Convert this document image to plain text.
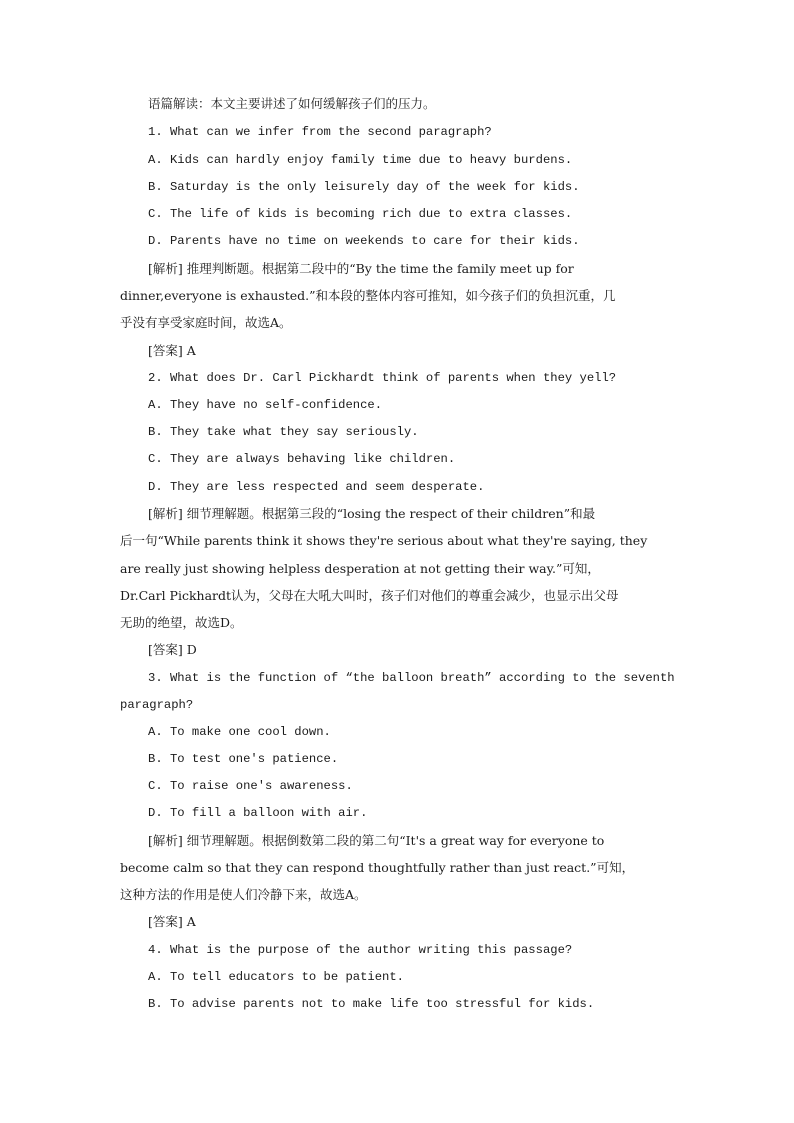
语篇解读：本文主要讲述了如何缓解孩子们的压力。
1. What can we infer from the second paragraph?
A. Kids can hardly enjoy family time due to heavy burdens.
B. Saturday is the only leisurely day of the week for kids.
C. The life of kids is becoming rich due to extra classes.
D. Parents have no time on weekends to care for their kids.
[解析] 推理判断题。根据第二段中的“By the time the family meet up for
dinner,everyone is exhausted.”和本段的整体内容可推知，如今孩子们的负担沉重，几
乎没有享受家庭时间，故选A。
[答案] A
2. What does Dr. Carl Pickhardt think of parents when they yell?
A. They have no self-confidence.
B. They take what they say seriously.
C. They are always behaving like children.
D. They are less respected and seem desperate.
[解析] 细节理解题。根据第三段的“losing the respect of their children”和最
后一句“While parents think it shows they're serious about what they're saying, they
are really just showing helpless desperation at not getting their way.”可知，
Dr.Carl Pickhardt认为，父母在大吼大叫时，孩子们对他们的尊重会减少，也显示出父母
无助的绝望，故选D。
[答案] D
3. What is the function of “the balloon breath” according to the seventh
paragraph?
A. To make one cool down.
B. To test one's patience.
C. To raise one's awareness.
D. To fill a balloon with air.
[解析] 细节理解题。根据倒数第二段的第二句“It's a great way for everyone to
become calm so that they can respond thoughtfully rather than just react.”可知，
这种方法的作用是使人们冷静下来，故选A。
[答案] A
4. What is the purpose of the author writing this passage?
A. To tell educators to be patient.
B. To advise parents not to make life too stressful for kids.
